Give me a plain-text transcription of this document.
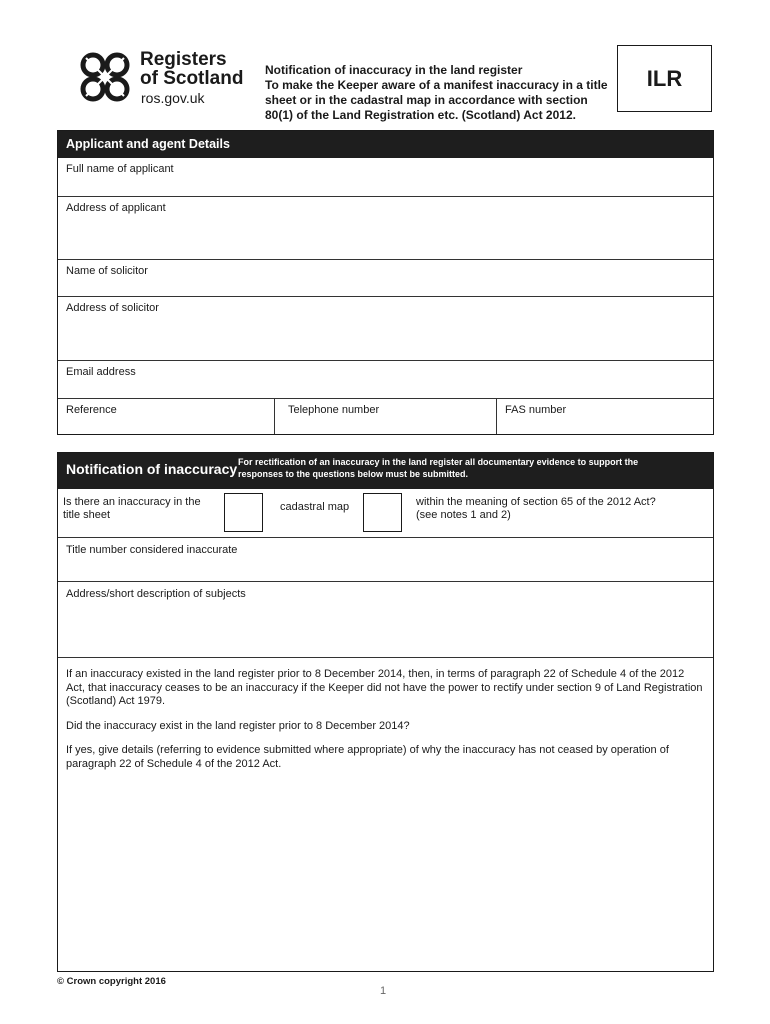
Registers
of Scotland
ros.gov.uk
Notification of inaccuracy in the land register
To make the Keeper aware of a manifest inaccuracy in a title sheet or in the cadastral map in accordance with section 80(1) of the Land Registration etc. (Scotland) Act 2012.
ILR
Applicant and agent Details
Full name of applicant
Address of applicant
Name of solicitor
Address of solicitor
Email address
Reference	Telephone number	FAS number
Notification of inaccuracy For rectification of an inaccuracy in the land register all documentary evidence to support the responses to the questions below must be submitted.
Is there an inaccuracy in the title sheet
cadastral map	within the meaning of section 65 of the 2012 Act?
(see notes 1 and 2)
Title number considered inaccurate
Address/short description of subjects

If an inaccuracy existed in the land register prior to 8 December 2014, then, in terms of paragraph 22 of Schedule 4 of the 2012 Act, that inaccuracy ceases to be an inaccuracy if the Keeper did not have the power to rectify under section 9 of Land Registration (Scotland) Act 1979.

Did the inaccuracy exist in the land register prior to 8 December 2014?

If yes, give details (referring to evidence submitted where appropriate) of why the inaccuracy has not ceased by operation of paragraph 22 of Schedule 4 of the 2012 Act.

© Crown copyright 2016
1
